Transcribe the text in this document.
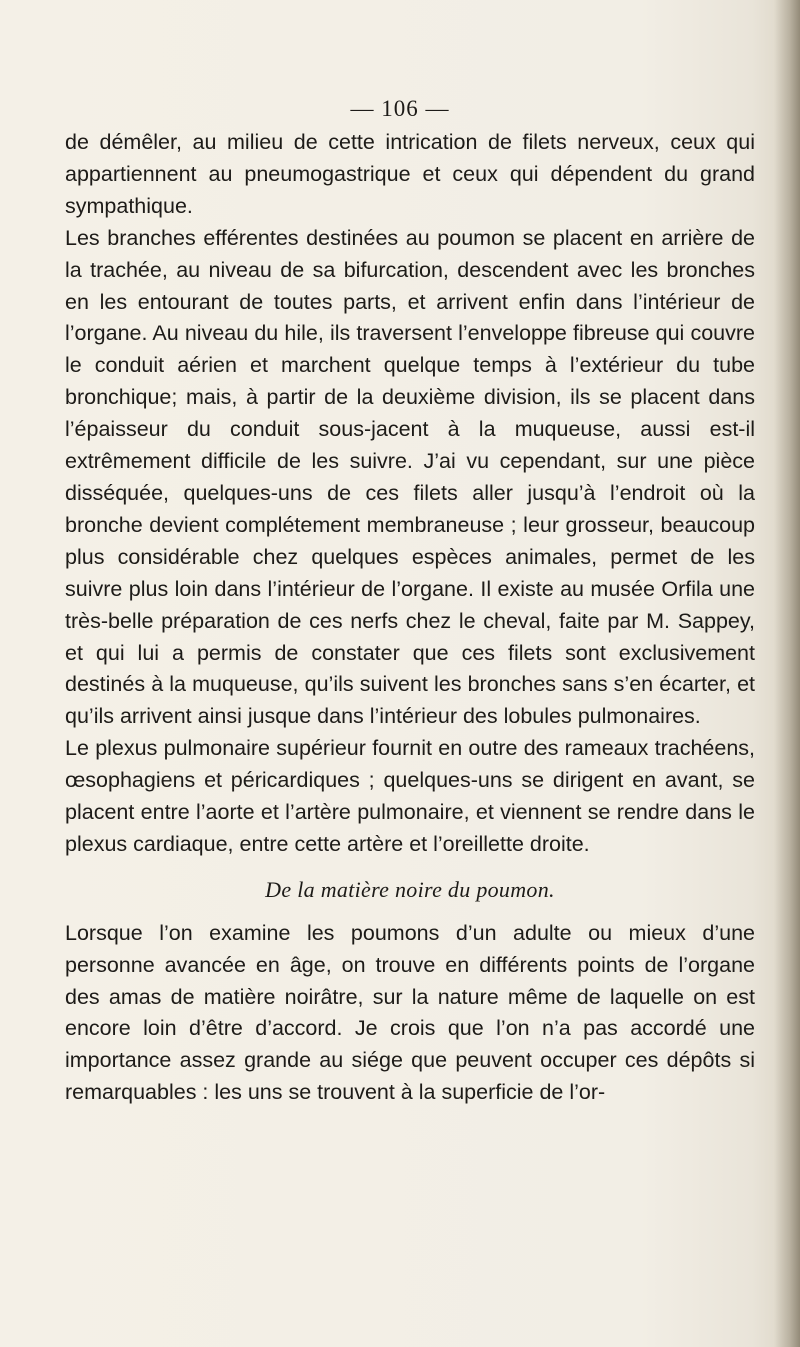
— 106 —

de démêler, au milieu de cette intrication de filets nerveux, ceux qui appartiennent au pneumogastrique et ceux qui dépendent du grand sympathique.

Les branches efférentes destinées au poumon se placent en arrière de la trachée, au niveau de sa bifurcation, descendent avec les bronches en les entourant de toutes parts, et arrivent enfin dans l’intérieur de l’organe. Au niveau du hile, ils traversent l’enveloppe fibreuse qui couvre le conduit aérien et marchent quelque temps à l’extérieur du tube bronchique; mais, à partir de la deuxième division, ils se placent dans l’épaisseur du conduit sous-jacent à la muqueuse, aussi est-il extrêmement difficile de les suivre. J’ai vu cependant, sur une pièce disséquée, quelques-uns de ces filets aller jusqu’à l’endroit où la bronche devient complétement membraneuse ; leur grosseur, beaucoup plus considérable chez quelques espèces animales, permet de les suivre plus loin dans l’intérieur de l’organe. Il existe au musée Orfila une très-belle préparation de ces nerfs chez le cheval, faite par M. Sappey, et qui lui a permis de constater que ces filets sont exclusivement destinés à la muqueuse, qu’ils suivent les bronches sans s’en écarter, et qu’ils arrivent ainsi jusque dans l’intérieur des lobules pulmonaires.

Le plexus pulmonaire supérieur fournit en outre des rameaux trachéens, œsophagiens et péricardiques ; quelques-uns se dirigent en avant, se placent entre l’aorte et l’artère pulmonaire, et viennent se rendre dans le plexus cardiaque, entre cette artère et l’oreillette droite.

De la matière noire du poumon.

Lorsque l’on examine les poumons d’un adulte ou mieux d’une personne avancée en âge, on trouve en différents points de l’organe des amas de matière noirâtre, sur la nature même de laquelle on est encore loin d’être d’accord. Je crois que l’on n’a pas accordé une importance assez grande au siége que peuvent occuper ces dépôts si remarquables : les uns se trouvent à la superficie de l’or-
